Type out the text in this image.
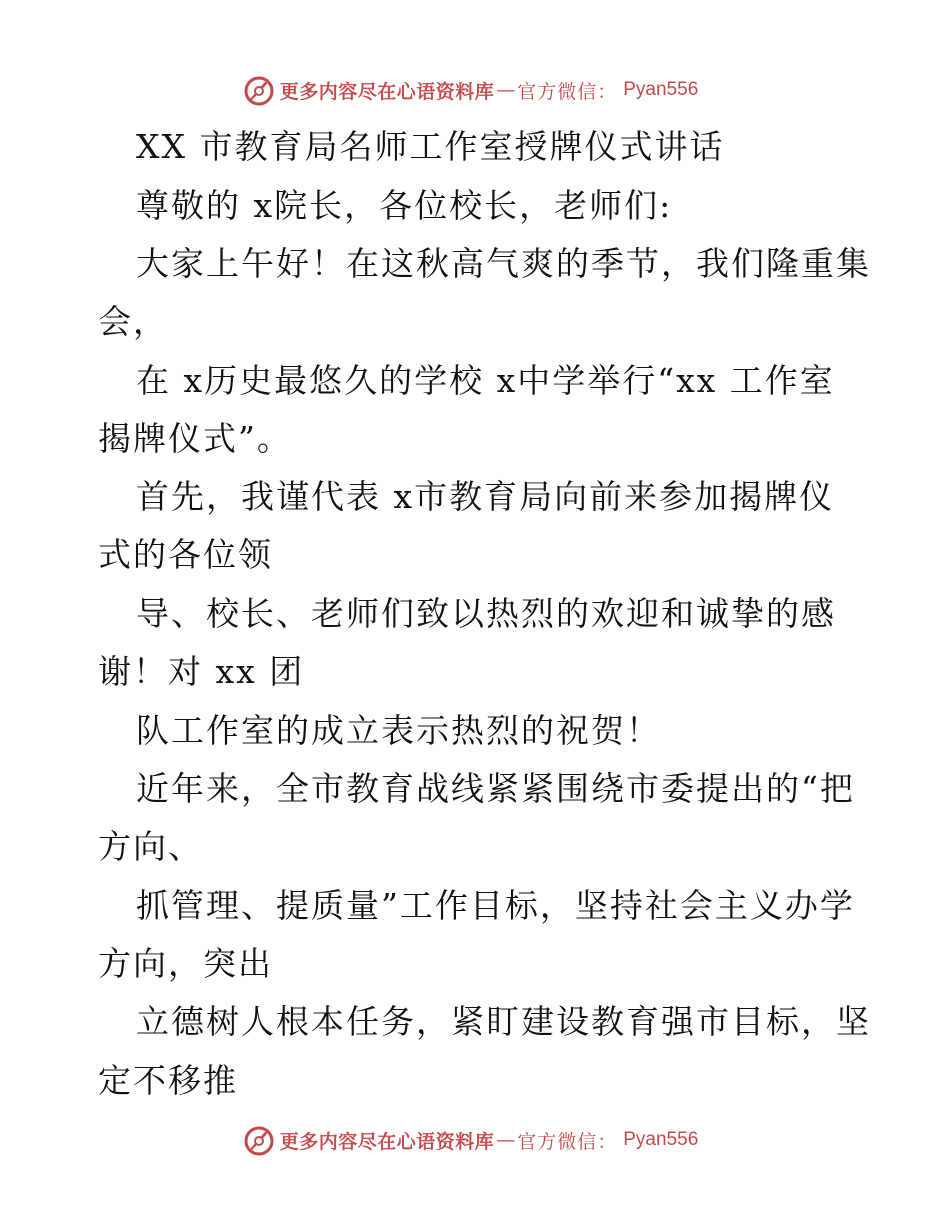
更多内容尽在心语资料库 — 官方微信： Pyan556
XX 市教育局名师工作室授牌仪式讲话
尊敬的 x院长，各位校长，老师们:
大家上午好！在这秋高气爽的季节，我们隆重集
会，
在 x历史最悠久的学校 x中学举行“xx 工作室
揭牌仪式”。
首先，我谨代表 x市教育局向前来参加揭牌仪
式的各位领
导、校长、老师们致以热烈的欢迎和诚挚的感
谢！对 xx 团
队工作室的成立表示热烈的祝贺！
近年来，全市教育战线紧紧围绕市委提出的“把
方向、
抓管理、提质量”工作目标，坚持社会主义办学
方向，突出
立德树人根本任务，紧盯建设教育强市目标，坚
定不移推
更多内容尽在心语资料库 — 官方微信： Pyan556
